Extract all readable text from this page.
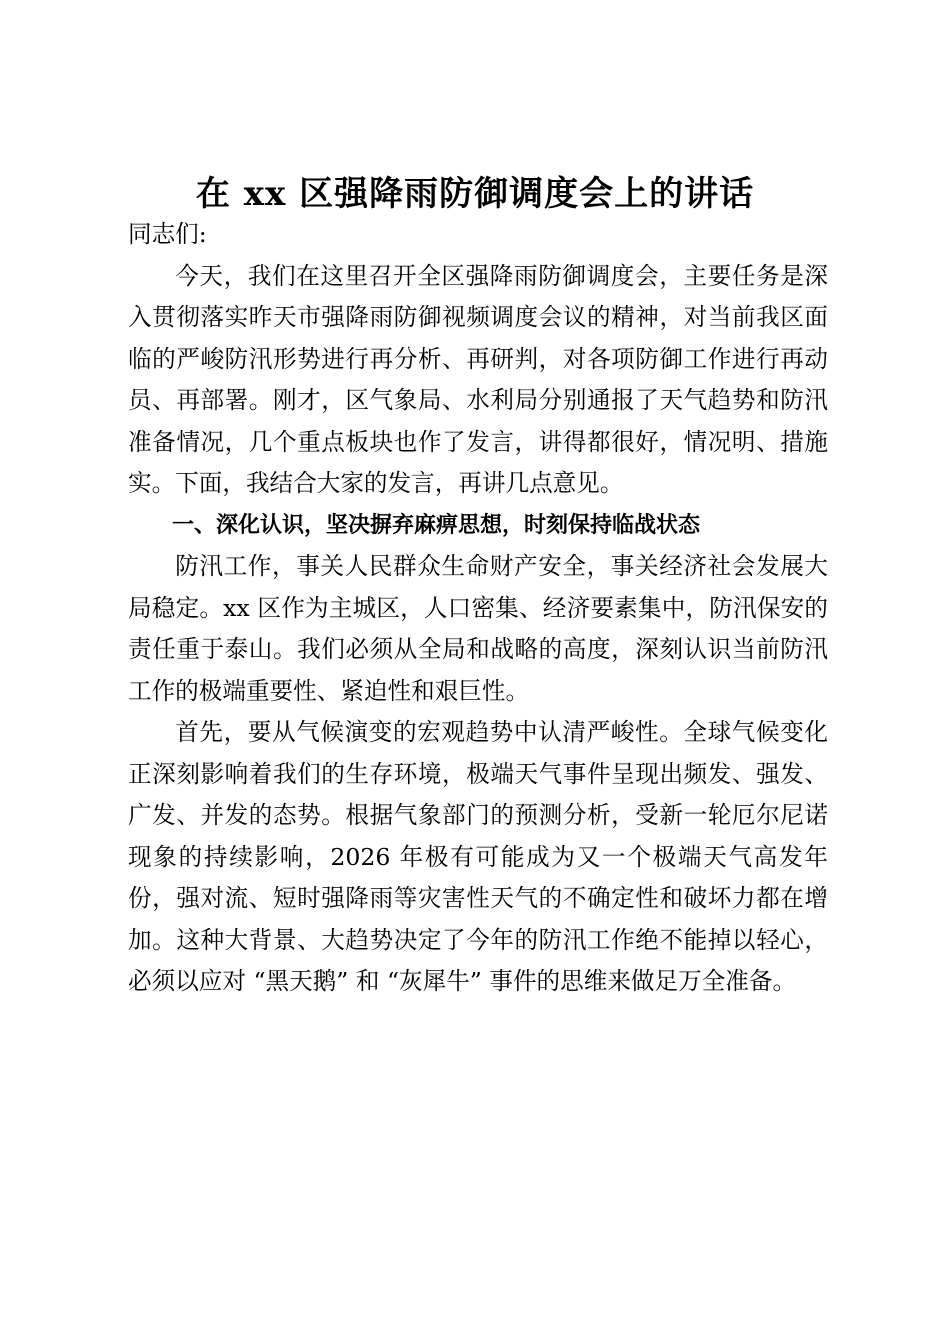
在 xx 区强降雨防御调度会上的讲话

同志们:

今天，我们在这里召开全区强降雨防御调度会，主要任务是深入贯彻落实昨天市强降雨防御视频调度会议的精神，对当前我区面临的严峻防汛形势进行再分析、再研判，对各项防御工作进行再动员、再部署。刚才，区气象局、水利局分别通报了天气趋势和防汛准备情况，几个重点板块也作了发言，讲得都很好，情况明、措施实。下面，我结合大家的发言，再讲几点意见。

一、深化认识，坚决摒弃麻痹思想，时刻保持临战状态

防汛工作，事关人民群众生命财产安全，事关经济社会发展大局稳定。xx 区作为主城区，人口密集、经济要素集中，防汛保安的责任重于泰山。我们必须从全局和战略的高度，深刻认识当前防汛工作的极端重要性、紧迫性和艰巨性。

首先，要从气候演变的宏观趋势中认清严峻性。全球气候变化正深刻影响着我们的生存环境，极端天气事件呈现出频发、强发、广发、并发的态势。根据气象部门的预测分析，受新一轮厄尔尼诺现象的持续影响，2026 年极有可能成为又一个极端天气高发年份，强对流、短时强降雨等灾害性天气的不确定性和破坏力都在增加。这种大背景、大趋势决定了今年的防汛工作绝不能掉以轻心，必须以应对 “黑天鹅” 和 “灰犀牛” 事件的思维来做足万全准备。
